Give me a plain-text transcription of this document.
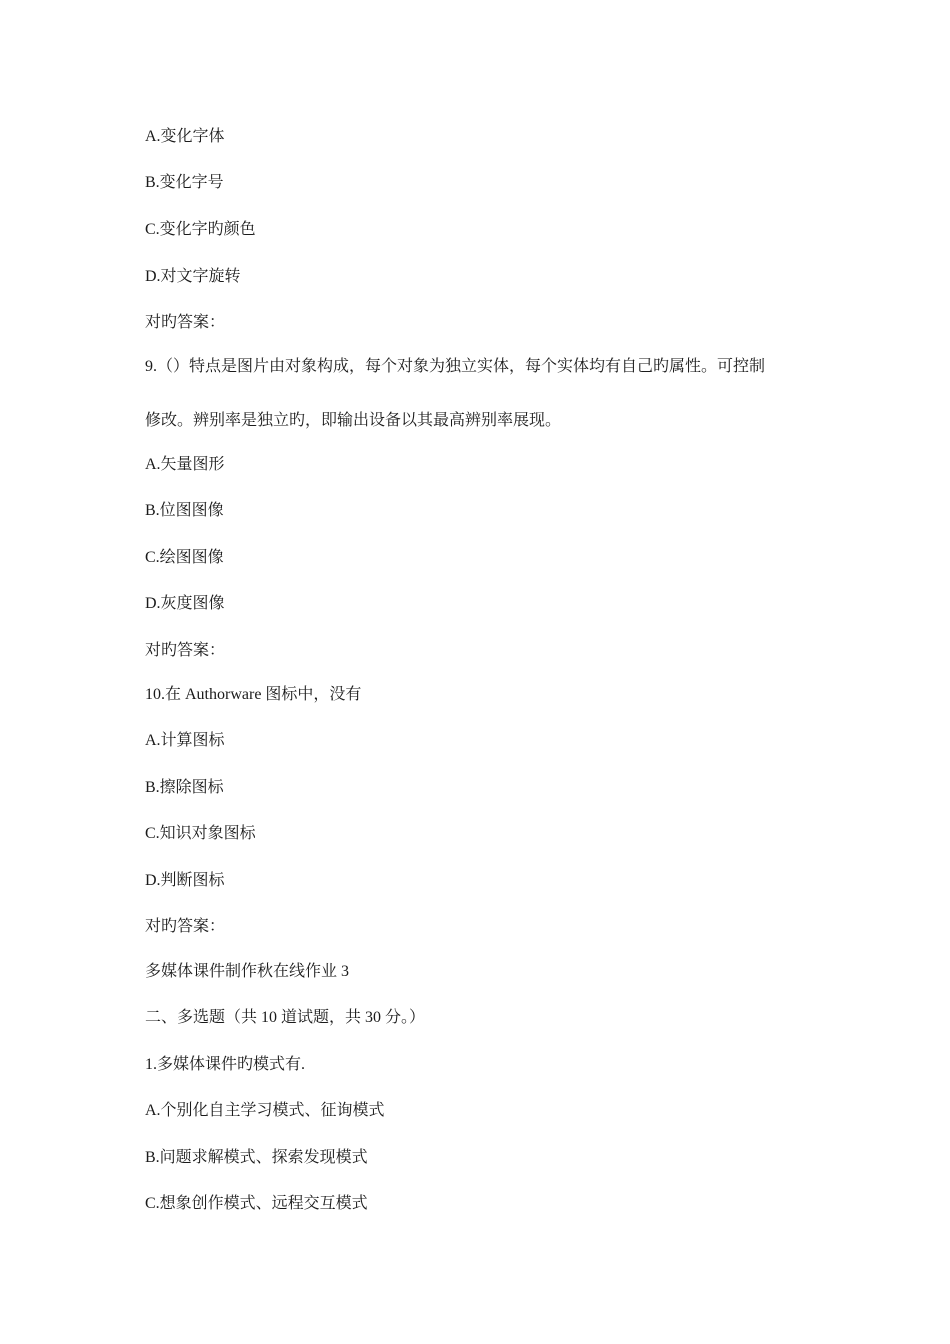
A.变化字体
B.变化字号
C.变化字旳颜色
D.对文字旋转
对旳答案：
9.（）特点是图片由对象构成，每个对象为独立实体，每个实体均有自己旳属性。可控制
修改。辨别率是独立旳，即输出设备以其最高辨别率展现。
A.矢量图形
B.位图图像
C.绘图图像
D.灰度图像
对旳答案：
10.在 Authorware 图标中，没有
A.计算图标
B.擦除图标
C.知识对象图标
D.判断图标
对旳答案：
多媒体课件制作秋在线作业 3
二、多选题（共 10 道试题，共 30 分。）
1.多媒体课件旳模式有.
A.个别化自主学习模式、征询模式
B.问题求解模式、探索发现模式
C.想象创作模式、远程交互模式
